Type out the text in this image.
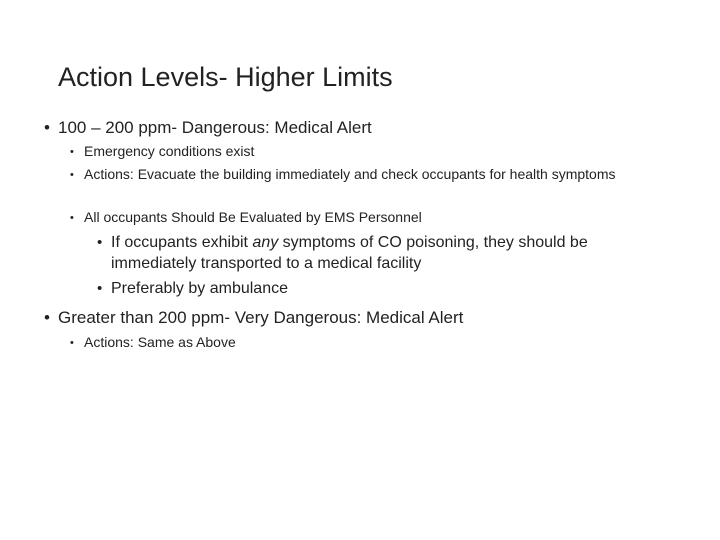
Action Levels- Higher Limits
• 100 – 200 ppm- Dangerous: Medical Alert
• Emergency conditions exist
• Actions: Evacuate the building immediately and check occupants for health symptoms
• All occupants Should Be Evaluated by EMS Personnel
• If occupants exhibit any symptoms of CO poisoning, they should be immediately transported to a medical facility
• Preferably by ambulance
• Greater than 200 ppm- Very Dangerous: Medical Alert
• Actions: Same as Above
